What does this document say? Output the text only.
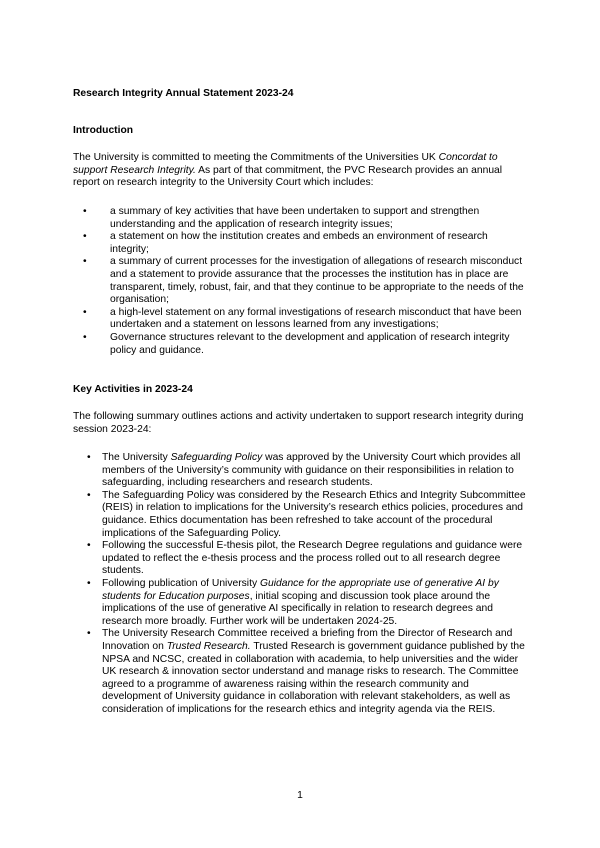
Research Integrity Annual Statement 2023-24
Introduction

The University is committed to meeting the Commitments of the Universities UK Concordat to support Research Integrity. As part of that commitment, the PVC Research provides an annual report on research integrity to the University Court which includes:

• a summary of key activities that have been undertaken to support and strengthen understanding and the application of research integrity issues;
• a statement on how the institution creates and embeds an environment of research integrity;
• a summary of current processes for the investigation of allegations of research misconduct and a statement to provide assurance that the processes the institution has in place are transparent, timely, robust, fair, and that they continue to be appropriate to the needs of the organisation;
• a high-level statement on any formal investigations of research misconduct that have been undertaken and a statement on lessons learned from any investigations;
• Governance structures relevant to the development and application of research integrity policy and guidance.
Key Activities in 2023-24

The following summary outlines actions and activity undertaken to support research integrity during session 2023-24:

• The University Safeguarding Policy was approved by the University Court which provides all members of the University’s community with guidance on their responsibilities in relation to safeguarding, including researchers and research students.
• The Safeguarding Policy was considered by the Research Ethics and Integrity Subcommittee (REIS) in relation to implications for the University’s research ethics policies, procedures and guidance. Ethics documentation has been refreshed to take account of the procedural implications of the Safeguarding Policy.
• Following the successful E-thesis pilot, the Research Degree regulations and guidance were updated to reflect the e-thesis process and the process rolled out to all research degree students.
• Following publication of University Guidance for the appropriate use of generative AI by students for Education purposes, initial scoping and discussion took place around the implications of the use of generative AI specifically in relation to research degrees and research more broadly. Further work will be undertaken 2024-25.
• The University Research Committee received a briefing from the Director of Research and Innovation on Trusted Research. Trusted Research is government guidance published by the NPSA and NCSC, created in collaboration with academia, to help universities and the wider UK research & innovation sector understand and manage risks to research. The Committee agreed to a programme of awareness raising within the research community and development of University guidance in collaboration with relevant stakeholders, as well as consideration of implications for the research ethics and integrity agenda via the REIS.
1
